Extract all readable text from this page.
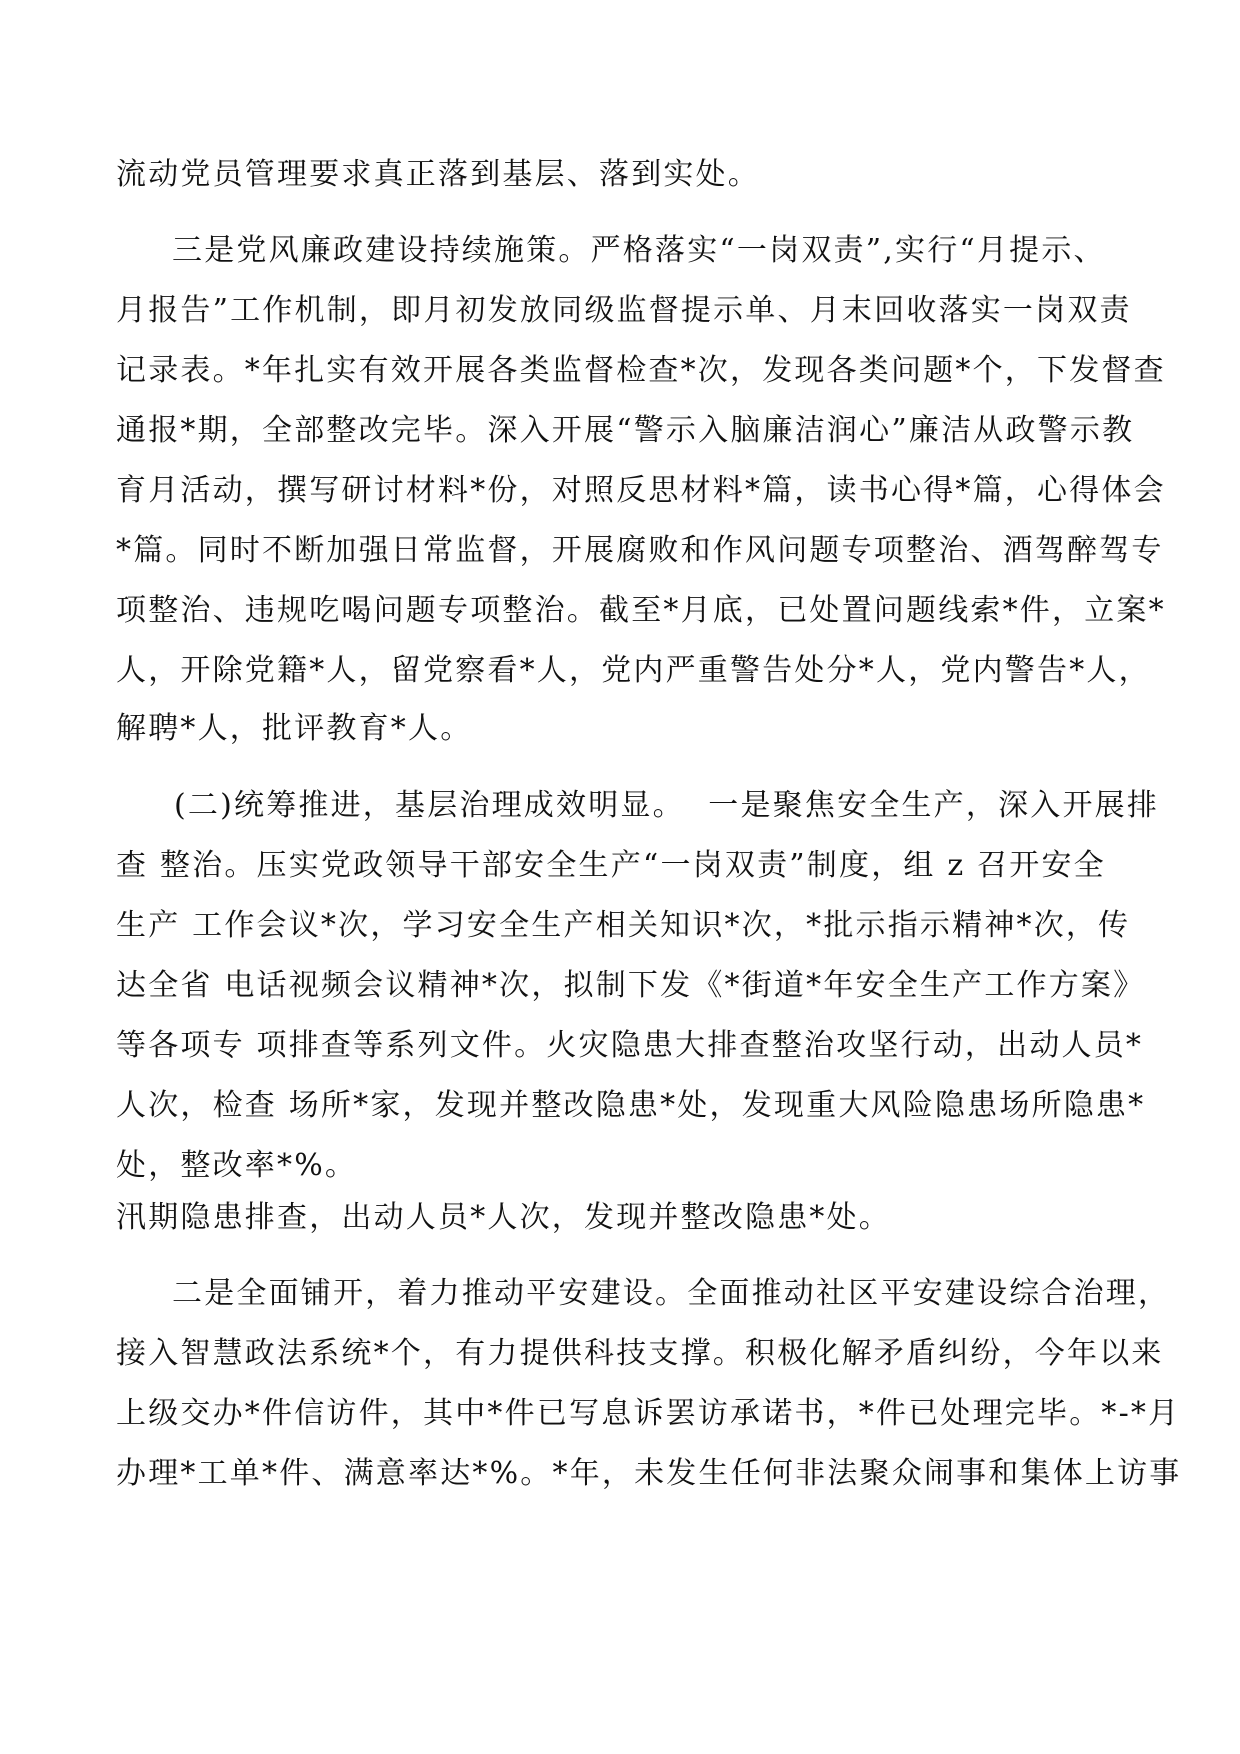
流动党员管理要求真正落到基层、落到实处。
三是党风廉政建设持续施策。严格落实“一岗双责”,实行“月提示、
月报告”工作机制，即月初发放同级监督提示单、月末回收落实一岗双责
记录表。*年扎实有效开展各类监督检查*次，发现各类问题*个，下发督查
通报*期，全部整改完毕。深入开展“警示入脑廉洁润心”廉洁从政警示教
育月活动，撰写研讨材料*份，对照反思材料*篇，读书心得*篇，心得体会
*篇。同时不断加强日常监督，开展腐败和作风问题专项整治、酒驾醉驾专
项整治、违规吃喝问题专项整治。截至*月底，已处置问题线索*件，立案*
人，开除党籍*人，留党察看*人，党内严重警告处分*人，党内警告*人，
解聘*人，批评教育*人。
(二)统筹推进，基层治理成效明显。  一是聚焦安全生产，深入开展排
查 整治。压实党政领导干部安全生产“一岗双责”制度，组 z 召开安全
生产 工作会议*次，学习安全生产相关知识*次，*批示指示精神*次，传
达全省 电话视频会议精神*次，拟制下发《*街道*年安全生产工作方案》
等各项专 项排查等系列文件。火灾隐患大排查整治攻坚行动，出动人员*
人次，检查 场所*家，发现并整改隐患*处，发现重大风险隐患场所隐患*
处，整改率*%。
汛期隐患排查，出动人员*人次，发现并整改隐患*处。
二是全面铺开，着力推动平安建设。全面推动社区平安建设综合治理，
接入智慧政法系统*个，有力提供科技支撑。积极化解矛盾纠纷，今年以来
上级交办*件信访件，其中*件已写息诉罢访承诺书，*件已处理完毕。*-*月
办理*工单*件、满意率达*%。*年，未发生任何非法聚众闹事和集体上访事
